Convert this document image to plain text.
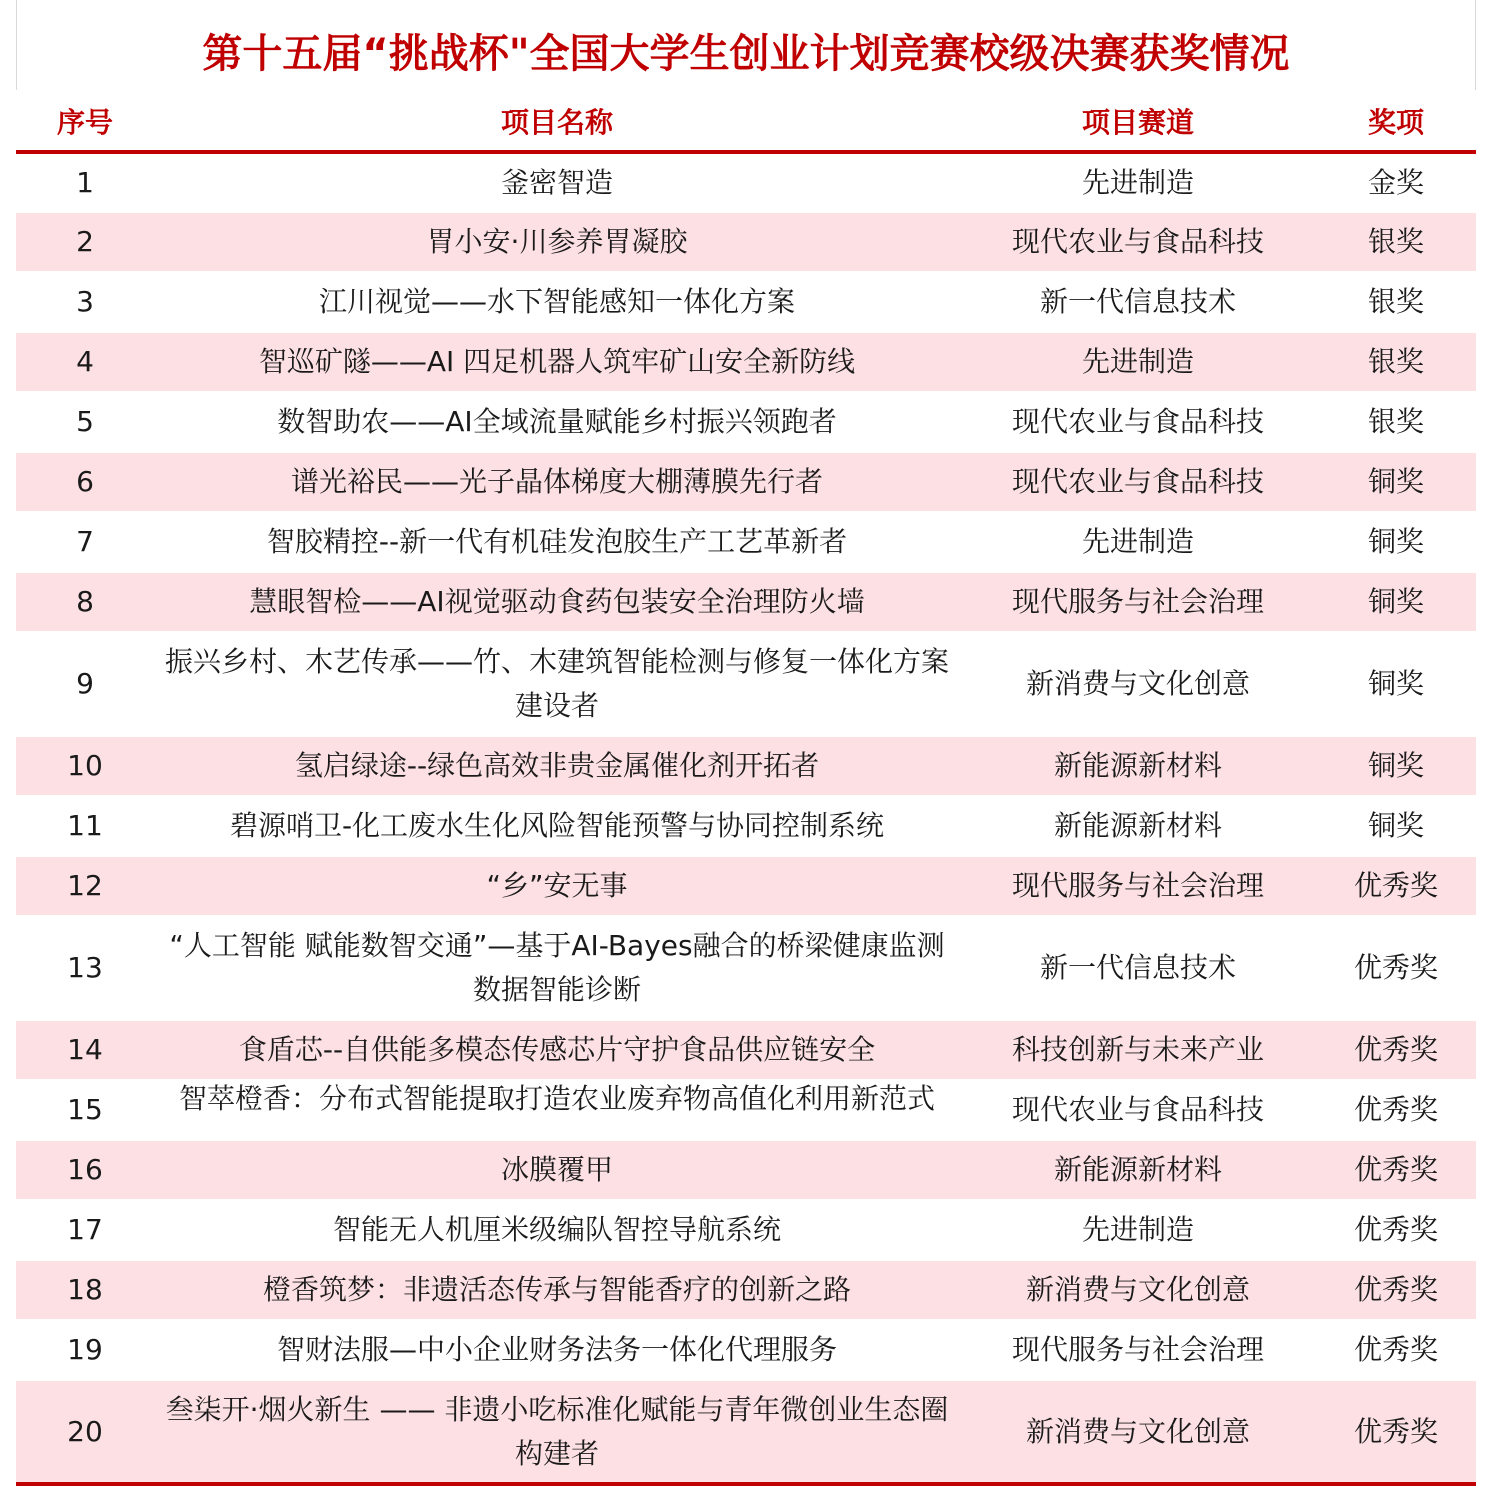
第十五届“挑战杯"全国大学生创业计划竞赛校级决赛获奖情况
序号	项目名称	项目赛道	奖项
1	釜密智造	先进制造	金奖
2	胃小安·川参养胃凝胶	现代农业与食品科技	银奖
3	江川视觉——水下智能感知一体化方案	新一代信息技术	银奖
4	智巡矿隧——AI 四足机器人筑牢矿山安全新防线	先进制造	银奖
5	数智助农——AI全域流量赋能乡村振兴领跑者	现代农业与食品科技	银奖
6	谱光裕民——光子晶体梯度大棚薄膜先行者	现代农业与食品科技	铜奖
7	智胶精控--新一代有机硅发泡胶生产工艺革新者	先进制造	铜奖
8	慧眼智检——AI视觉驱动食药包装安全治理防火墙	现代服务与社会治理	铜奖
9	振兴乡村、木艺传承——竹、木建筑智能检测与修复一体化方案建设者	新消费与文化创意	铜奖
10	氢启绿途--绿色高效非贵金属催化剂开拓者	新能源新材料	铜奖
11	碧源哨卫-化工废水生化风险智能预警与协同控制系统	新能源新材料	铜奖
12	“乡”安无事	现代服务与社会治理	优秀奖
13	“人工智能 赋能数智交通”—基于AI-Bayes融合的桥梁健康监测数据智能诊断	新一代信息技术	优秀奖
14	食盾芯--自供能多模态传感芯片守护食品供应链安全	科技创新与未来产业	优秀奖
15	智萃橙香：分布式智能提取打造农业废弃物高值化利用新范式	现代农业与食品科技	优秀奖
16	冰膜覆甲	新能源新材料	优秀奖
17	智能无人机厘米级编队智控导航系统	先进制造	优秀奖
18	橙香筑梦：非遗活态传承与智能香疗的创新之路	新消费与文化创意	优秀奖
19	智财法服—中小企业财务法务一体化代理服务	现代服务与社会治理	优秀奖
20	叁柒开·烟火新生 —— 非遗小吃标准化赋能与青年微创业生态圈构建者	新消费与文化创意	优秀奖
